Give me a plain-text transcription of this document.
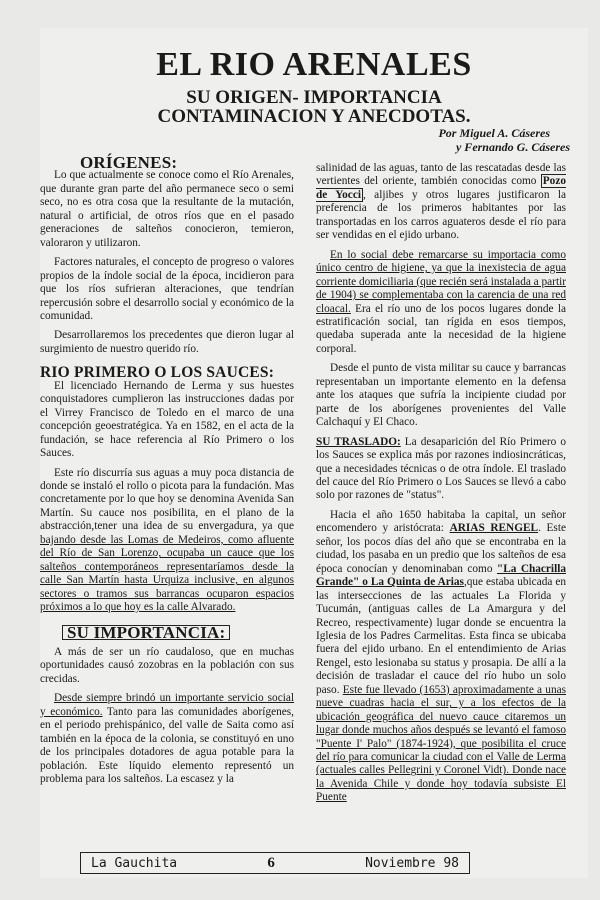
EL RIO ARENALES
SU ORIGEN- IMPORTANCIA
CONTAMINACION Y ANECDOTAS.
Por Miguel A. Cáseres
y Fernando G. Cáseres
ORÍGENES:

Lo que actualmente se conoce como el Río Arenales, que durante gran parte del año permanece seco o semi seco, no es otra cosa que la resultante de la mutación, natural o artificial, de otros ríos que en el pasado generaciones de salteños conocieron, temieron, valoraron y utilizaron.

Factores naturales, el concepto de progreso o valores propios de la índole social de la época, incidieron para que los ríos sufrieran alteraciones, que tendrían repercusión sobre el desarrollo social y económico de la comunidad.

Desarrollaremos los precedentes que dieron lugar al surgimiento de nuestro querido río.

RIO PRIMERO O LOS SAUCES:

El licenciado Hernando de Lerma y sus huestes conquistadores cumplieron las instrucciones dadas por el Virrey Francisco de Toledo en el marco de una concepción geoestratégica. Ya en 1582, en el acta de la fundación, se hace referencia al Río Primero o los Sauces.

Este río discurría sus aguas a muy poca distancia de donde se instaló el rollo o picota para la fundación. Mas concretamente por lo que hoy se denomina Avenida San Martín. Su cauce nos posibilita, en el plano de la abstracción,tener una idea de su envergadura, ya que bajando desde las Lomas de Medeiros, como afluente del Río de San Lorenzo, ocupaba un cauce que los salteños contemporáneos representaríamos desde la calle San Martín hasta Urquiza inclusive, en algunos sectores o tramos sus barrancas ocuparon espacios próximos a lo que hoy es la calle Alvarado.

SU IMPORTANCIA:

A más de ser un río caudaloso, que en muchas oportunidades causó zozobras en la población con sus crecidas.

Desde siempre brindó un importante servicio social y económico. Tanto para las comunidades aborígenes, en el periodo prehispánico, del valle de Saita como así también en la época de la colonia, se constituyó en uno de los principales dotadores de agua potable para la población. Este líquido elemento representó un problema para los salteños. La escasez y la

salinidad de las aguas, tanto de las rescatadas desde las vertientes del oriente, también conocidas como Pozo de Yocci , aljibes y otros lugares justificaron la preferencia de los primeros habitantes por las transportadas en los carros aguateros desde el río para ser vendidas en el ejido urbano.

En lo social debe remarcarse su importacia como único centro de higiene, ya que la inexistecia de agua corriente domiciliaria (que recién será instalada a partir de 1904) se complementaba con la carencia de una red cloacal. Era el río uno de los pocos lugares donde la estratificación social, tan rígida en esos tiempos, quedaba superada ante la necesidad de la higiene corporal.

Desde el punto de vista militar su cauce y barrancas representaban un importante elemento en la defensa ante los ataques que sufría la incipiente ciudad por parte de los aborígenes provenientes del Valle Calchaquí y El Chaco.

SU TRASLADO: La desaparición del Río Primero o los Sauces se explica más por razones indiosincráticas, que a necesidades técnicas o de otra índole. El traslado del cauce del Río Primero o Los Sauces se llevó a cabo solo por razones de "status".

Hacia el año 1650 habitaba la capital, un señor encomendero y aristócrata: ARIAS RENGEL. Este señor, los pocos días del año que se encontraba en la ciudad, los pasaba en un predio que los salteños de esa época conocían y denominaban como "La Chacrilla Grande" o La Quinta de Arias,que estaba ubicada en las intersecciones de las actuales La Florida y Tucumán, (antiguas calles de La Amargura y del Recreo, respectivamente) lugar donde se encuentra la Iglesia de los Padres Carmelitas. Esta finca se ubicaba fuera del ejido urbano. En el entendimiento de Arias Rengel, esto lesionaba su status y prosapia. De allí a la decisión de trasladar el cauce del río hubo un solo paso. Este fue llevado (1653) aproximadamente a unas nueve cuadras hacia el sur, y a los efectos de la ubicación geográfica del nuevo cauce citaremos un lugar donde muchos años después se levantó el famoso "Puente I' Palo" (1874-1924), que posibilita el cruce del río para comunicar la ciudad con el Valle de Lerma (actuales calles Pellegrini y Coronel Vidt). Donde nace la Avenida Chile y donde hoy todavía subsiste El Puente

La Gauchita	6	Noviembre 98
